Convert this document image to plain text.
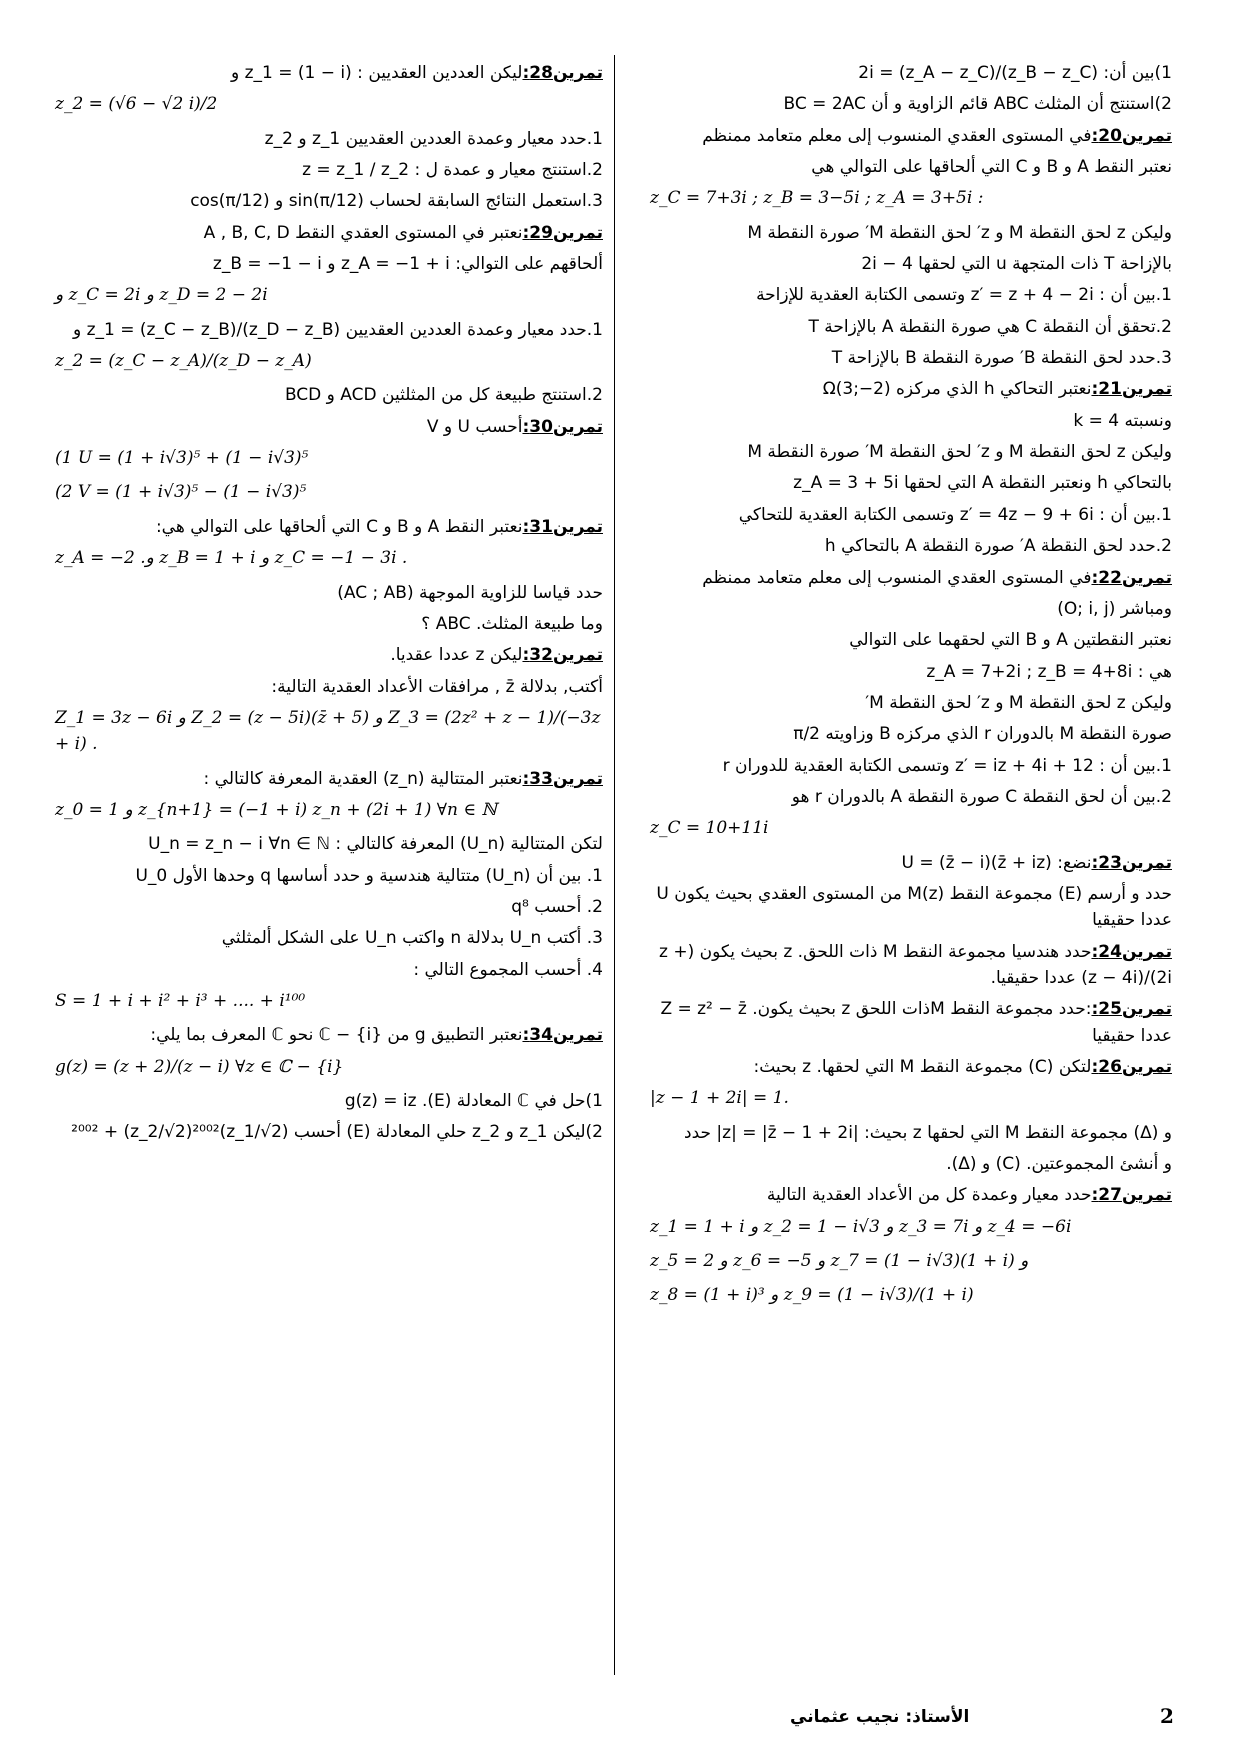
1)بين أن: (z_B − z_C)/(z_A − z_C) = 2i
2)استنتج أن المثلث ABC قائم الزاوية و أن BC = 2AC
تمرين20:في المستوى العقدي المنسوب إلى معلم متعامد ممنظم
نعتبر النقط A و B و C التي ألحاقها على التوالي هي
z_C = 7+3i ; z_B = 3−5i ; z_A = 3+5i :
وليكن z لحق النقطة M و z′ لحق النقطة M′ صورة النقطة M
بالإزاحة T ذات المتجهة u التي لحقها 4 − 2i
1.بين أن : z′ = z + 4 − 2i وتسمى الكتابة العقدية للإزاحة
2.تحقق أن النقطة C هي صورة النقطة A بالإزاحة T
3.حدد لحق النقطة B′ صورة النقطة B بالإزاحة T
تمرين21:نعتبر التحاكي h الذي مركزه Ω(3;−2)
ونسبته k = 4
وليكن z لحق النقطة M و z′ لحق النقطة M′ صورة النقطة M
بالتحاكي h ونعتبر النقطة A التي لحقها z_A = 3 + 5i
1.بين أن : z′ = 4z − 9 + 6i وتسمى الكتابة العقدية للتحاكي
2.حدد لحق النقطة A′ صورة النقطة A بالتحاكي h
تمرين22:في المستوى العقدي المنسوب إلى معلم متعامد ممنظم
ومباشر (O; i, j)
نعتبر النقطتين A و B التي لحقهما على التوالي
هي : z_A = 7+2i ; z_B = 4+8i
وليكن z لحق النقطة M و z′ لحق النقطة M′
صورة النقطة M بالدوران r الذي مركزه B وزاويته π/2
1.بين أن : z′ = iz + 4i + 12 وتسمى الكتابة العقدية للدوران r
2.بين أن لحق النقطة C صورة النقطة A بالدوران r هو
z_C = 10+11i
تمرين23:نضع: U = (z̄ − i)(z̄ + iz)
حدد و أرسم (E) مجموعة النقط M(z) من المستوى العقدي بحيث يكون U عددا حقيقيا
تمرين24:حدد هندسيا مجموعة النقط M ذات اللحق. z بحيث يكون (z + 2i)/(z − 4i) عددا حقيقيا.
تمرين25::حدد مجموعة النقط Mذات اللحق z بحيث يكون. Z = z² − z̄ عددا حقيقيا
تمرين26:لتكن (C) مجموعة النقط M التي لحقها. z بحيث:
|z − 1 + 2i| = 1.
و (Δ) مجموعة النقط M التي لحقها z بحيث: |z| = |z̄ − 1 + 2i| حدد
و أنشئ المجموعتين. (C) و (Δ).
تمرين27:حدد معيار وعمدة كل من الأعداد العقدية التالية
z_1 = 1 + i و z_2 = 1 − i√3 و z_3 = 7i و z_4 = −6i
z_5 = 2 و z_6 = −5 و z_7 = (1 − i√3)(1 + i) و
z_8 = (1 + i)³ و z_9 = (1 − i√3)/(1 + i)
تمرين28:ليكن العددين العقديين : z_1 = (1 − i) و
z_2 = (√6 − √2 i)/2
1.حدد معيار وعمدة العددين العقديين z_1 و z_2
2.استنتج معيار و عمدة ل : z = z_1 / z_2
3.استعمل النتائج السابقة لحساب sin(π/12) و cos(π/12)
تمرين29:نعتبر في المستوى العقدي النقط A , B, C, D
ألحاقهم على التوالي: z_A = −1 + i و z_B = −1 − i
و z_C = 2i و z_D = 2 − 2i
1.حدد معيار وعمدة العددين العقديين z_1 = (z_C − z_B)/(z_D − z_B) و
z_2 = (z_C − z_A)/(z_D − z_A)
2.استنتج طبيعة كل من المثلثين ACD و BCD
تمرين30:أحسب U و V
(1 U = (1 + i√3)⁵ + (1 − i√3)⁵
(2 V = (1 + i√3)⁵ − (1 − i√3)⁵
تمرين31:نعتبر النقط A و B و C التي ألحاقها على التوالي هي:
z_A = −2 .و z_B = 1 + i و z_C = −1 − 3i .
حدد قياسا للزاوية الموجهة (AC ; AB)
وما طبيعة المثلث. ABC ؟
تمرين32:ليكن z عددا عقديا.
أكتب, بدلالة z̄ , مرافقات الأعداد العقدية التالية:
Z_1 = 3z − 6i و Z_2 = (z − 5i)(z̄ + 5) و Z_3 = (2z² + z − 1)/(−3z + i) .
تمرين33:نعتبر المتتالية (z_n) العقدية المعرفة كالتالي :
z_0 = 1 و z_{n+1} = (−1 + i) z_n + (2i + 1) ∀n ∈ ℕ
لتكن المتتالية (U_n) المعرفة كالتالي : U_n = z_n − i ∀n ∈ ℕ
1. بين أن (U_n) متتالية هندسية و حدد أساسها q وحدها الأول U_0
2. أحسب q⁸
3. أكتب U_n بدلالة n واكتب U_n على الشكل ألمثلثي
4. أحسب المجموع التالي :
S = 1 + i + i² + i³ + .... + i¹⁰⁰
تمرين34:نعتبر التطبيق g من ℂ − {i} نحو ℂ المعرف بما يلي:
g(z) = (z + 2)/(z − i) ∀z ∈ ℂ − {i}
1)حل في ℂ المعادلة g(z) = iz .(E)
2)ليكن z_1 و z_2 حلي المعادلة (E) أحسب (z_1/√2)²⁰⁰² + (z_2/√2)²⁰⁰²
الأستاذ: نجيب عثماني	2
